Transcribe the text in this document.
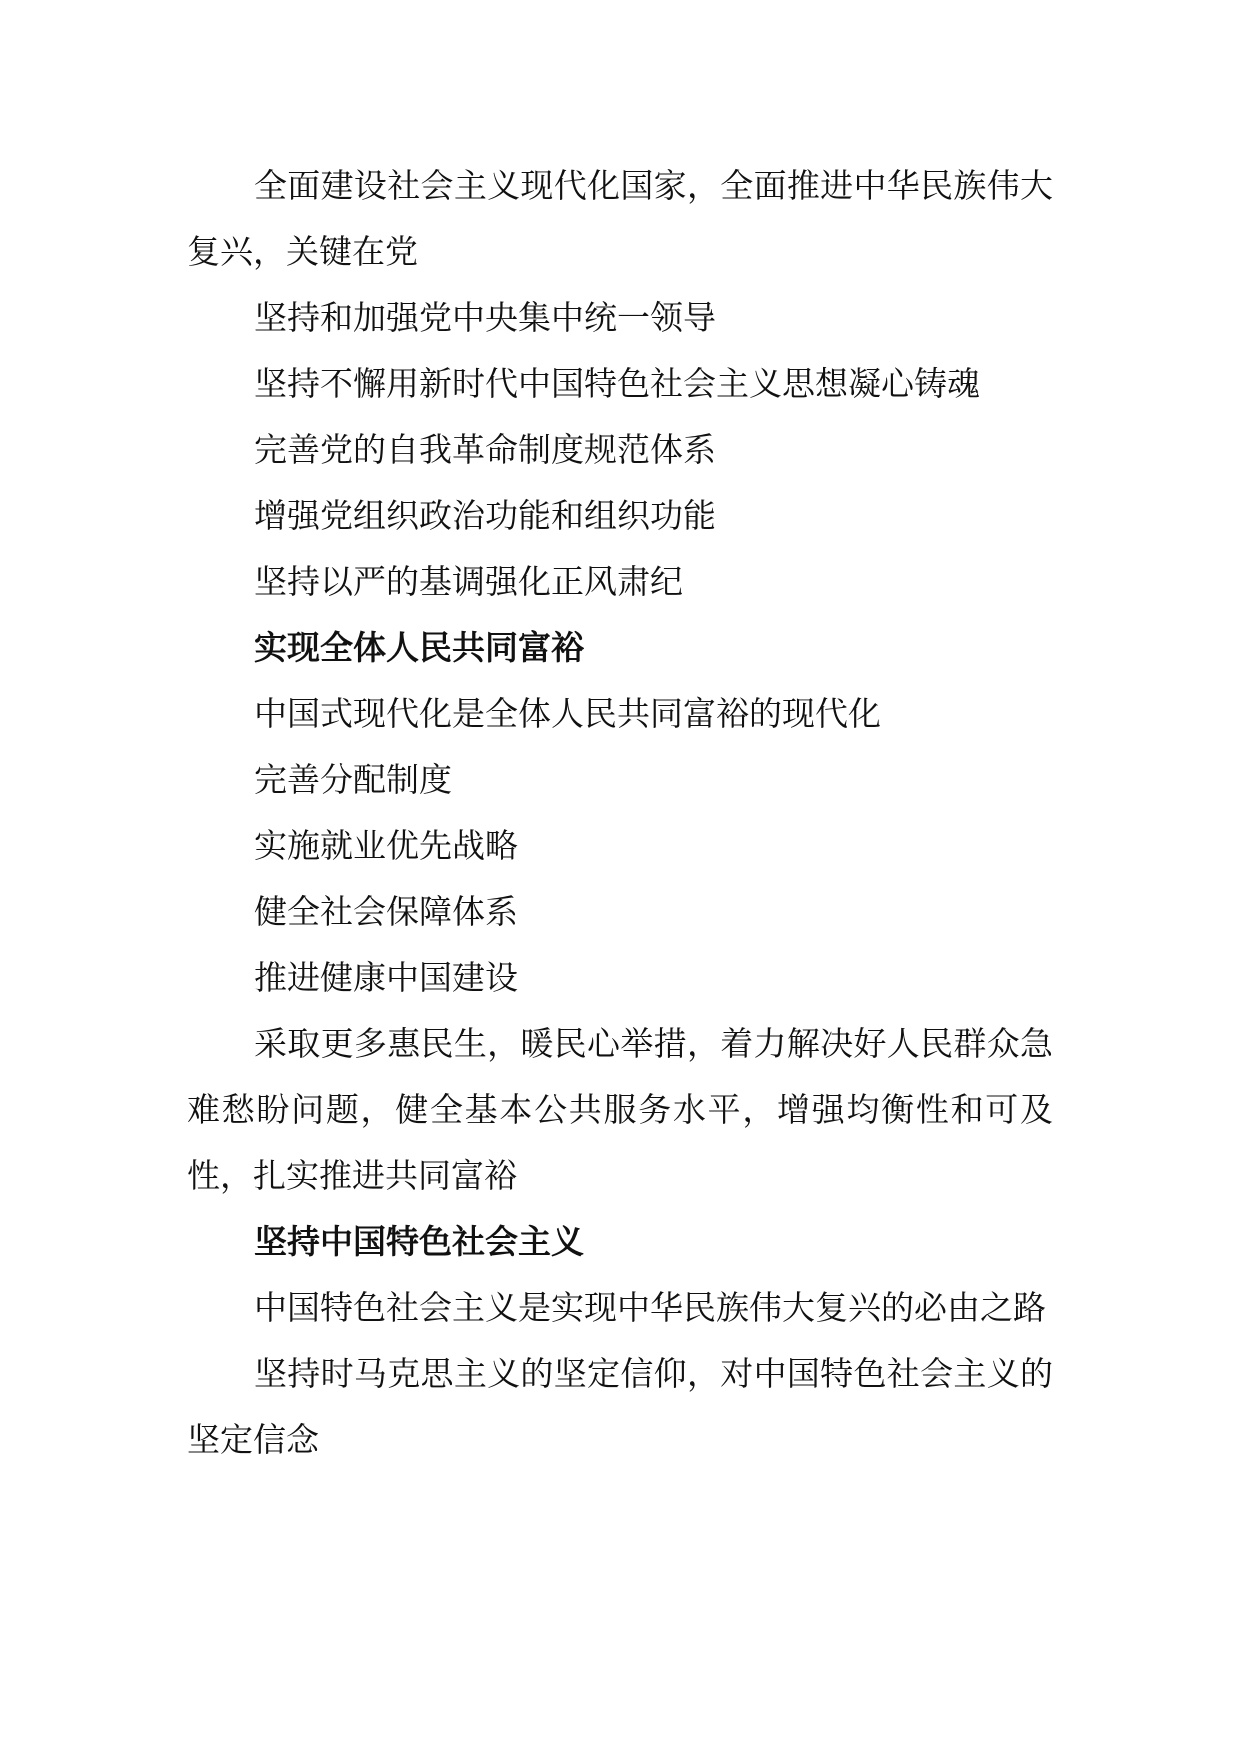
全面建设社会主义现代化国家，全面推进中华民族伟大复兴，关键在党

坚持和加强党中央集中统一领导

坚持不懈用新时代中国特色社会主义思想凝心铸魂

完善党的自我革命制度规范体系

增强党组织政治功能和组织功能

坚持以严的基调强化正风肃纪

实现全体人民共同富裕

中国式现代化是全体人民共同富裕的现代化

完善分配制度

实施就业优先战略

健全社会保障体系

推进健康中国建设

采取更多惠民生，暖民心举措，着力解决好人民群众急难愁盼问题，健全基本公共服务水平，增强均衡性和可及性，扎实推进共同富裕

坚持中国特色社会主义

中国特色社会主义是实现中华民族伟大复兴的必由之路

坚持时马克思主义的坚定信仰，对中国特色社会主义的坚定信念
